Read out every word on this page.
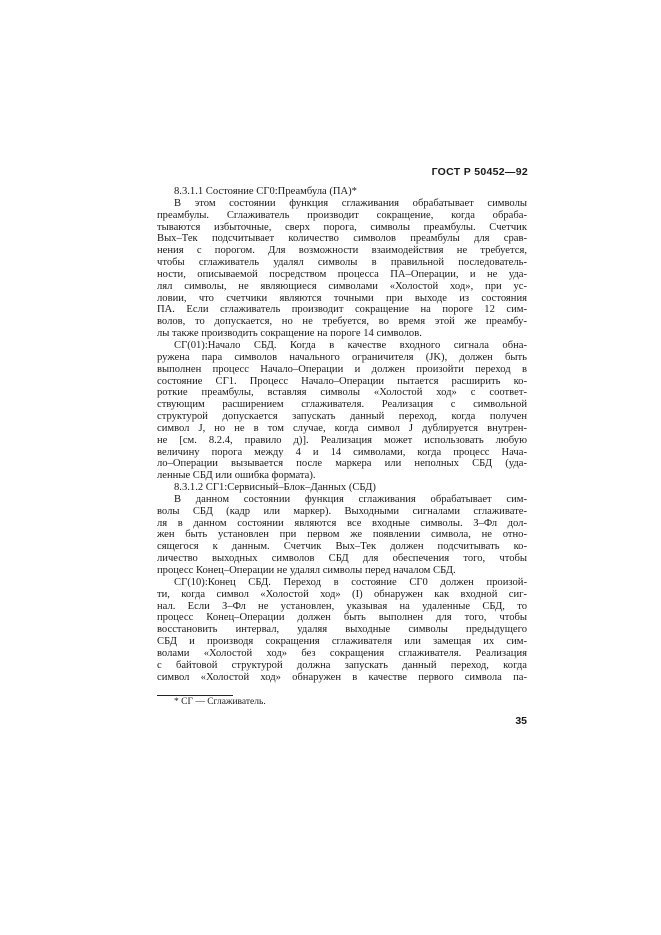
ГОСТ Р 50452—92
8.3.1.1 Состояние СГ0:Преамбула (ПА)*
В этом состоянии функция сглаживания обрабатывает символы
преамбулы. Сглаживатель производит сокращение, когда обраба-
тываются избыточные, сверх порога, символы преамбулы. Счетчик
Вых–Тек подсчитывает количество символов преамбулы для срав-
нения с порогом. Для возможности взаимодействия не требуется,
чтобы сглаживатель удалял символы в правильной последователь-
ности, описываемой посредством процесса ПА–Операции, и не уда-
лял символы, не являющиеся символами «Холостой ход», при ус-
ловии, что счетчики являются точными при выходе из состояния
ПА. Если сглаживатель производит сокращение на пороге 12 сим-
волов, то допускается, но не требуется, во время этой же преамбу-
лы также производить сокращение на пороге 14 символов.
СГ(01):Начало СБД. Когда в качестве входного сигнала обна-
ружена пара символов начального ограничителя (JK), должен быть
выполнен процесс Начало–Операции и должен произойти переход в
состояние СГ1. Процесс Начало–Операции пытается расширить ко-
роткие преамбулы, вставляя символы «Холостой ход» с соответ-
ствующим расширением сглаживателя. Реализация с символьной
структурой допускается запускать данный переход, когда получен
символ J, но не в том случае, когда символ J дублируется внутрен-
не [см. 8.2.4, правило д)]. Реализация может использовать любую
величину порога между 4 и 14 символами, когда процесс Нача-
ло–Операции вызывается после маркера или неполных СБД (уда-
ленные СБД или ошибка формата).
8.3.1.2 СГ1:Сервисный–Блок–Данных (СБД)
В данном состоянии функция сглаживания обрабатывает сим-
волы СБД (кадр или маркер). Выходными сигналами сглаживате-
ля в данном состоянии являются все входные символы. З–Фл дол-
жен быть установлен при первом же появлении символа, не отно-
сящегося к данным. Счетчик Вых–Тек должен подсчитывать ко-
личество выходных символов СБД для обеспечения того, чтобы
процесс Конец–Операции не удалял символы перед началом СБД.
СГ(10):Конец СБД. Переход в состояние СГ0 должен произой-
ти, когда символ «Холостой ход» (I) обнаружен как входной сиг-
нал. Если З–Фл не установлен, указывая на удаленные СБД, то
процесс Конец–Операции должен быть выполнен для того, чтобы
восстановить интервал, удаляя выходные символы предыдущего
СБД и производя сокращения сглаживателя или замещая их сим-
волами «Холостой ход» без сокращения сглаживателя. Реализация
с байтовой структурой должна запускать данный переход, когда
символ «Холостой ход» обнаружен в качестве первого символа па-
* СГ — Сглаживатель.
35
